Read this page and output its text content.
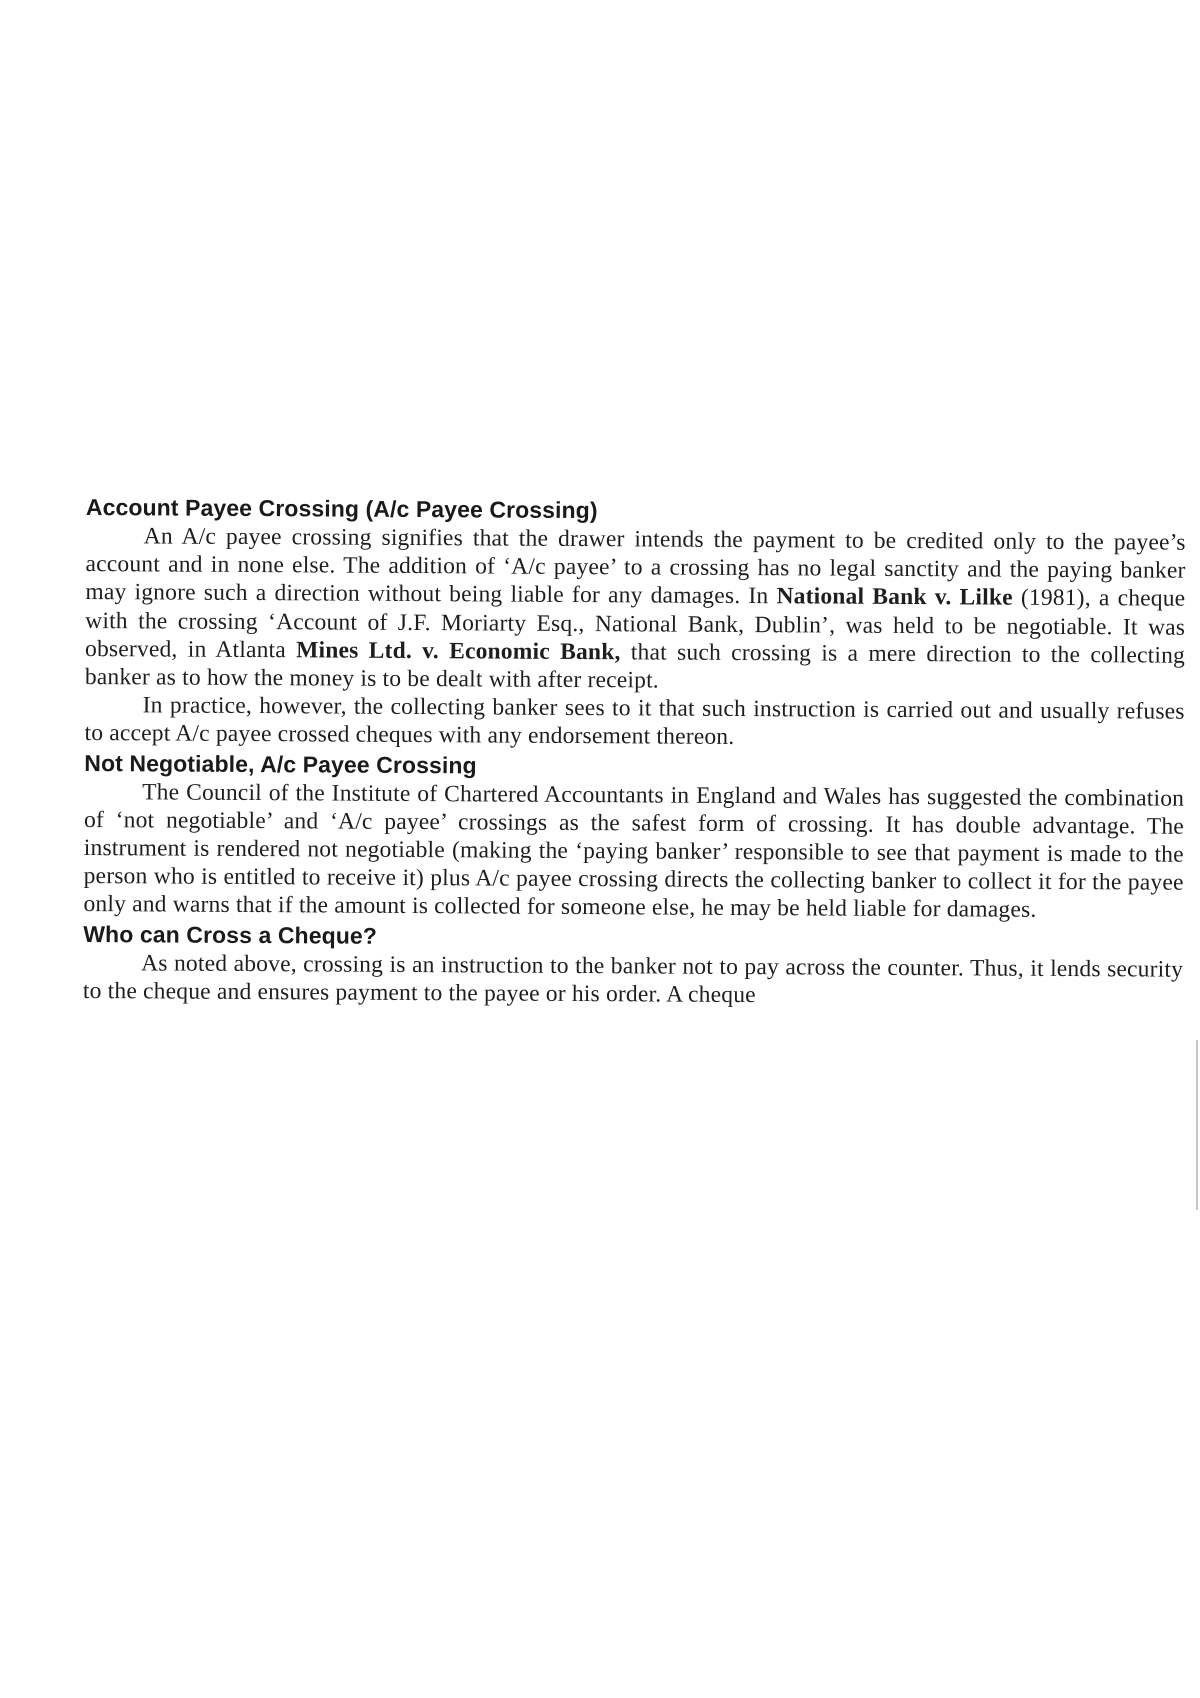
Account Payee Crossing (A/c Payee Crossing)

An A/c payee crossing signifies that the drawer intends the payment to be credited only to the payee’s account and in none else. The addition of ‘A/c payee’ to a crossing has no legal sanctity and the paying banker may ignore such a direction without being liable for any damages. In National Bank v. Lilke (1981), a cheque with the crossing ‘Account of J.F. Moriarty Esq., National Bank, Dublin’, was held to be negotiable. It was observed, in Atlanta Mines Ltd. v. Economic Bank, that such crossing is a mere direction to the collecting banker as to how the money is to be dealt with after receipt.

In practice, however, the collecting banker sees to it that such instruction is carried out and usually refuses to accept A/c payee crossed cheques with any endorsement thereon.

Not Negotiable, A/c Payee Crossing

The Council of the Institute of Chartered Accountants in England and Wales has suggested the combination of ‘not negotiable’ and ‘A/c payee’ crossings as the safest form of crossing. It has double advantage. The instrument is rendered not negotiable (making the ‘paying banker’ responsible to see that payment is made to the person who is entitled to receive it) plus A/c payee crossing directs the collecting banker to collect it for the payee only and warns that if the amount is collected for someone else, he may be held liable for damages.

Who can Cross a Cheque?

As noted above, crossing is an instruction to the banker not to pay across the counter. Thus, it lends security to the cheque and ensures payment to the payee or his order. A cheque
